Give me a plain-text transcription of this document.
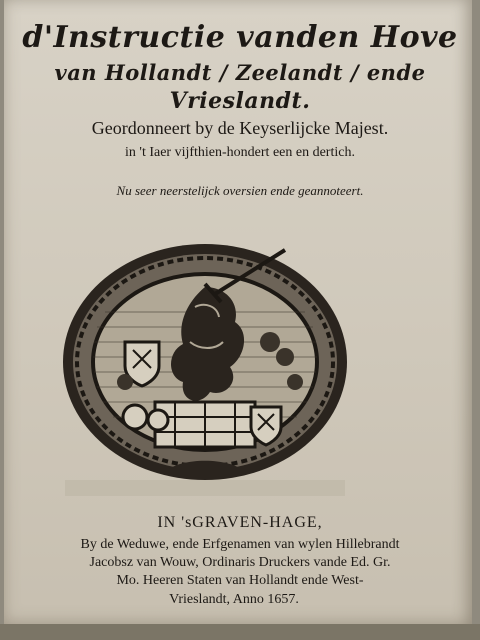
d'Instructie vanden Hove
van Hollandt / Zeelandt / ende
Vrieslandt.
Geordonneert by de Keyserlijcke Majest.
in 't Iaer vijfthien-hondert een en dertich.
Nu seer neerstelijck oversien ende geannoteert.
IN 'sGRAVEN-HAGE,
By de Weduwe, ende Erfgenamen van wylen Hillebrandt
Jacobsz van Wouw, Ordinaris Druckers vande Ed. Gr.
Mo. Heeren Staten van Hollandt ende West-
Vrieslandt, Anno 1657.
